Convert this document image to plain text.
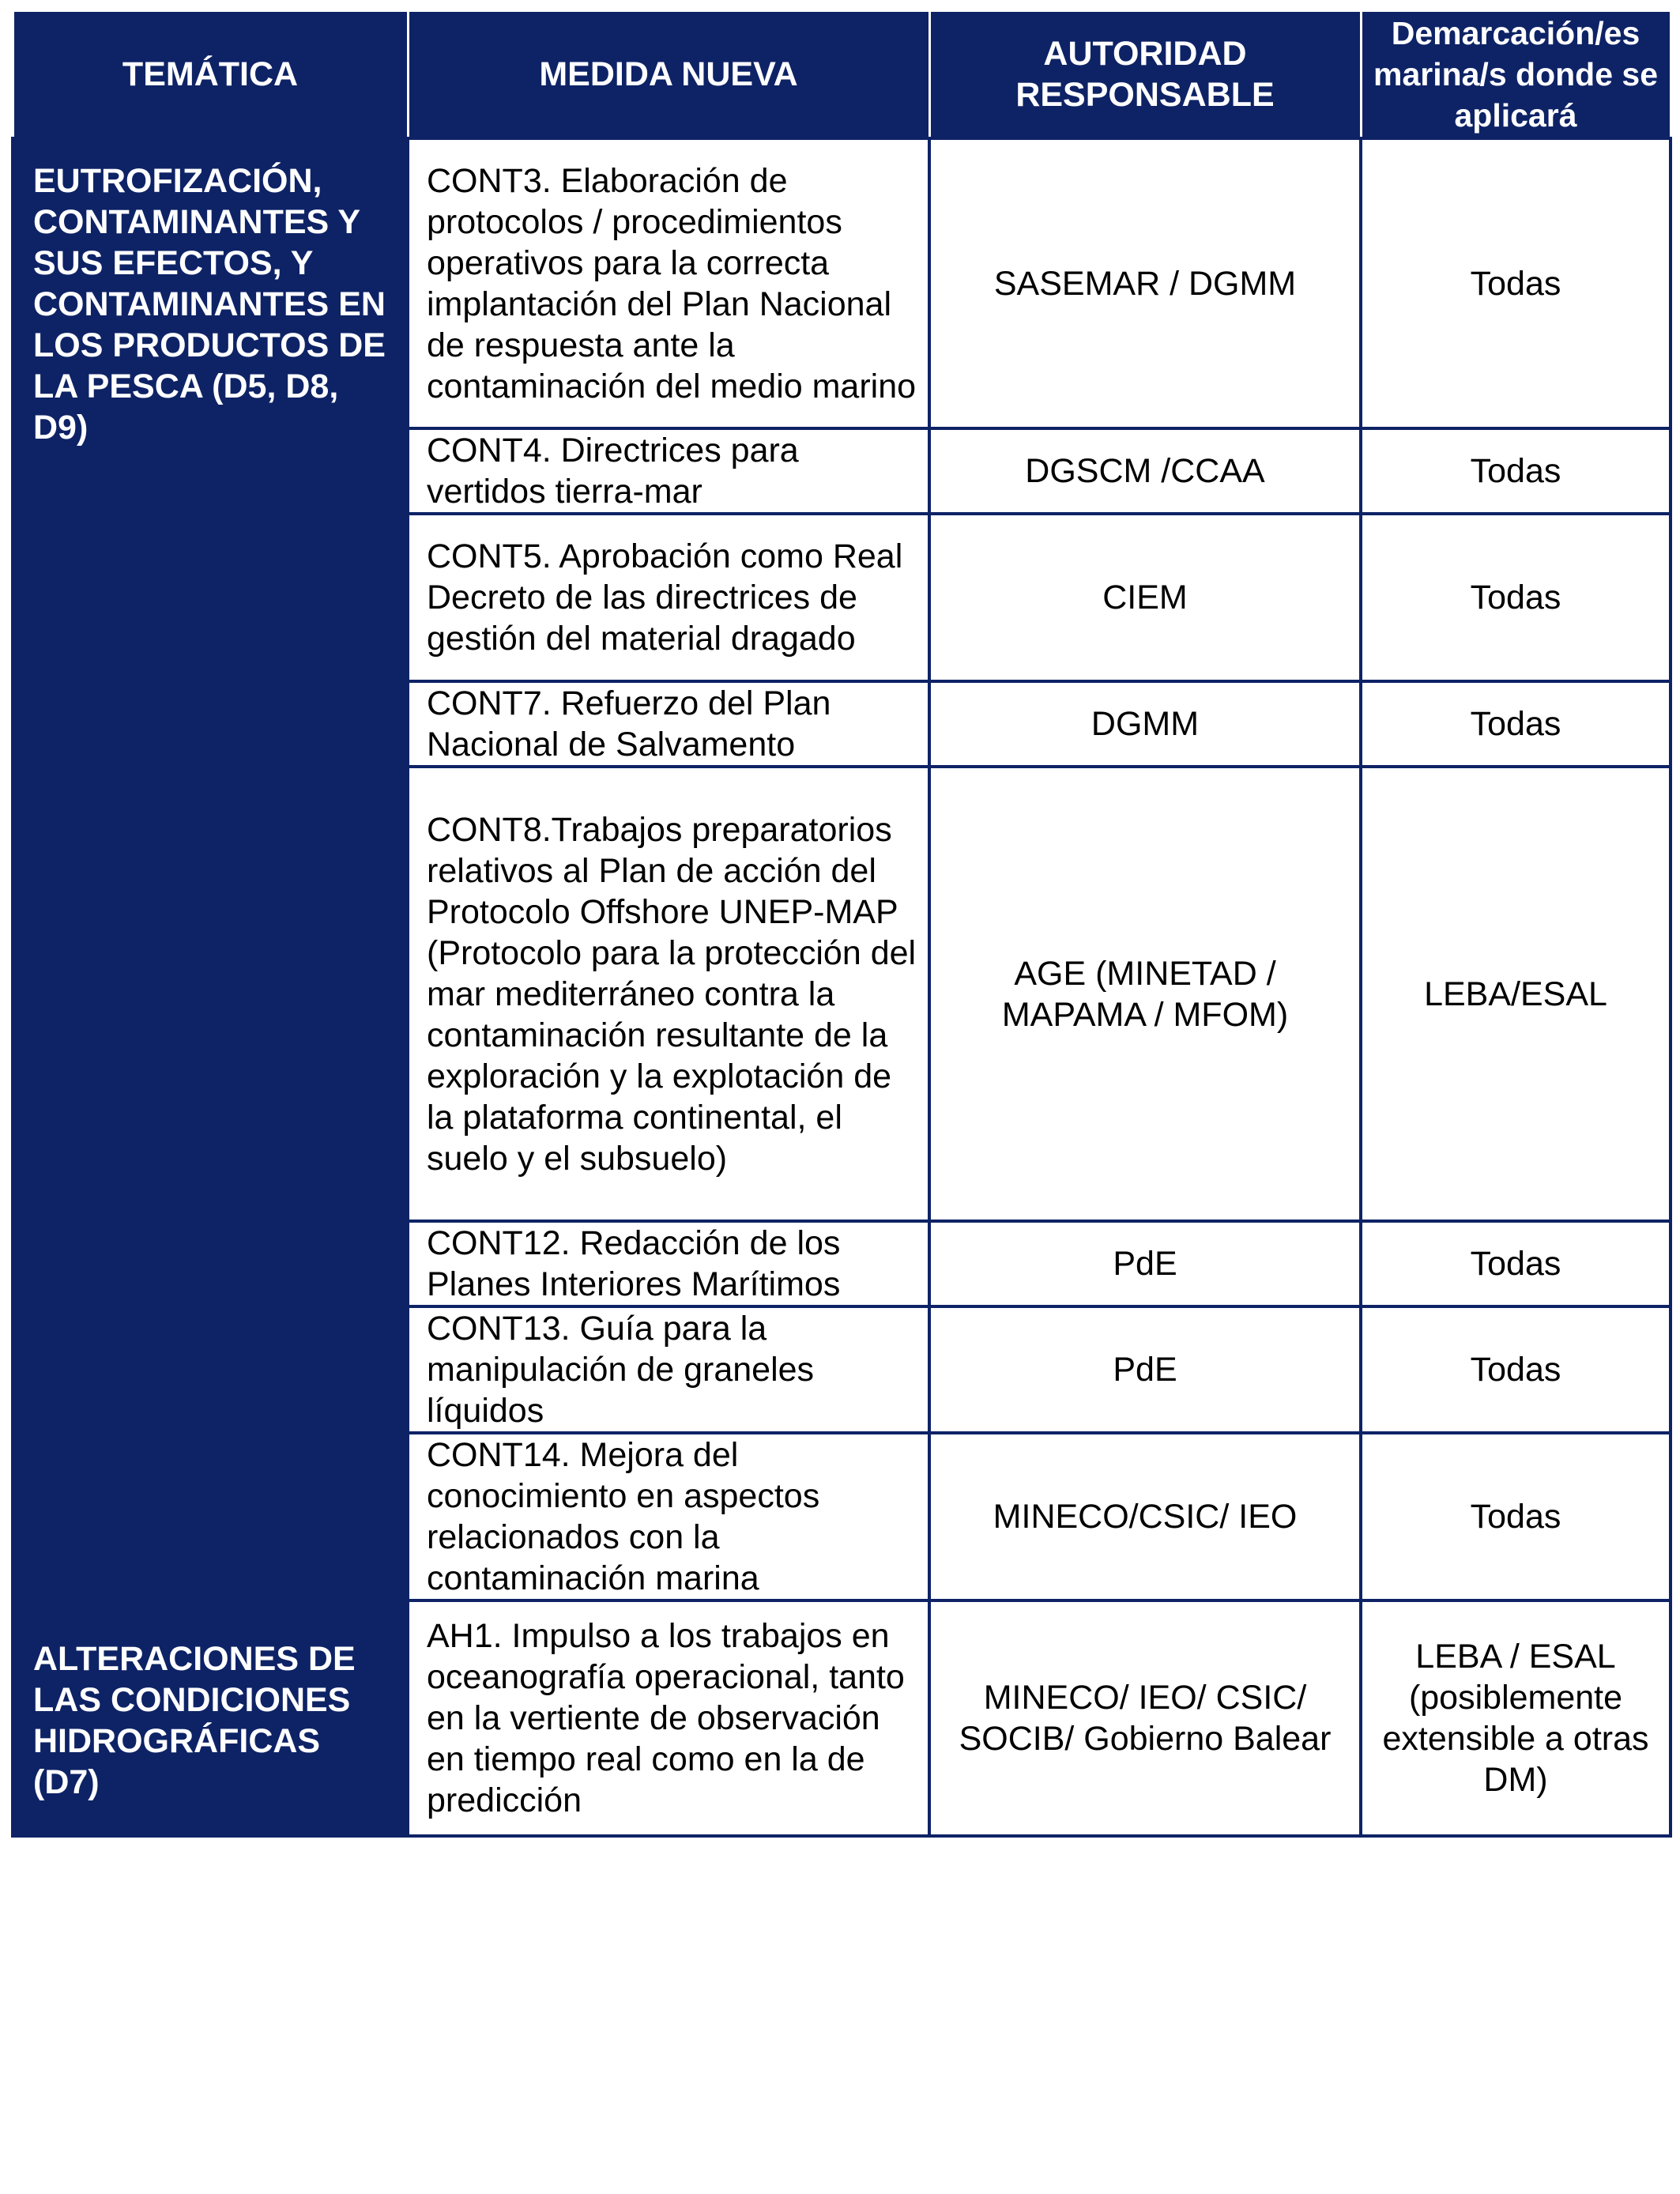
TEMÁTICA	MEDIDA NUEVA	AUTORIDAD RESPONSABLE	Demarcación/es marina/s donde se aplicará
EUTROFIZACIÓN, CONTAMINANTES Y SUS EFECTOS, Y CONTAMINANTES EN LOS PRODUCTOS DE LA PESCA (D5, D8, D9)	CONT3. Elaboración de protocolos / procedimientos operativos para la correcta implantación del Plan Nacional de respuesta ante la contaminación del medio marino	SASEMAR / DGMM	Todas
	CONT4. Directrices para vertidos tierra-mar	DGSCM /CCAA	Todas
	CONT5. Aprobación como Real Decreto de las directrices de gestión del material dragado	CIEM	Todas
	CONT7. Refuerzo del Plan Nacional de Salvamento	DGMM	Todas
	CONT8.Trabajos preparatorios relativos al Plan de acción del Protocolo Offshore UNEP-MAP (Protocolo para la protección del mar mediterráneo contra la contaminación resultante de la exploración y la explotación de la plataforma continental, el suelo y el subsuelo)	AGE (MINETAD / MAPAMA / MFOM)	LEBA/ESAL
	CONT12. Redacción de los Planes Interiores Marítimos	PdE	Todas
	CONT13. Guía para la manipulación de graneles líquidos	PdE	Todas
	CONT14. Mejora del conocimiento en aspectos relacionados con la contaminación marina	MINECO/CSIC/ IEO	Todas
ALTERACIONES DE LAS CONDICIONES HIDROGRÁFICAS (D7)	AH1. Impulso a los trabajos en oceanografía operacional, tanto en la vertiente de observación en tiempo real como en la de predicción	MINECO/ IEO/ CSIC/ SOCIB/ Gobierno Balear	LEBA / ESAL (posiblemente extensible a otras DM)
